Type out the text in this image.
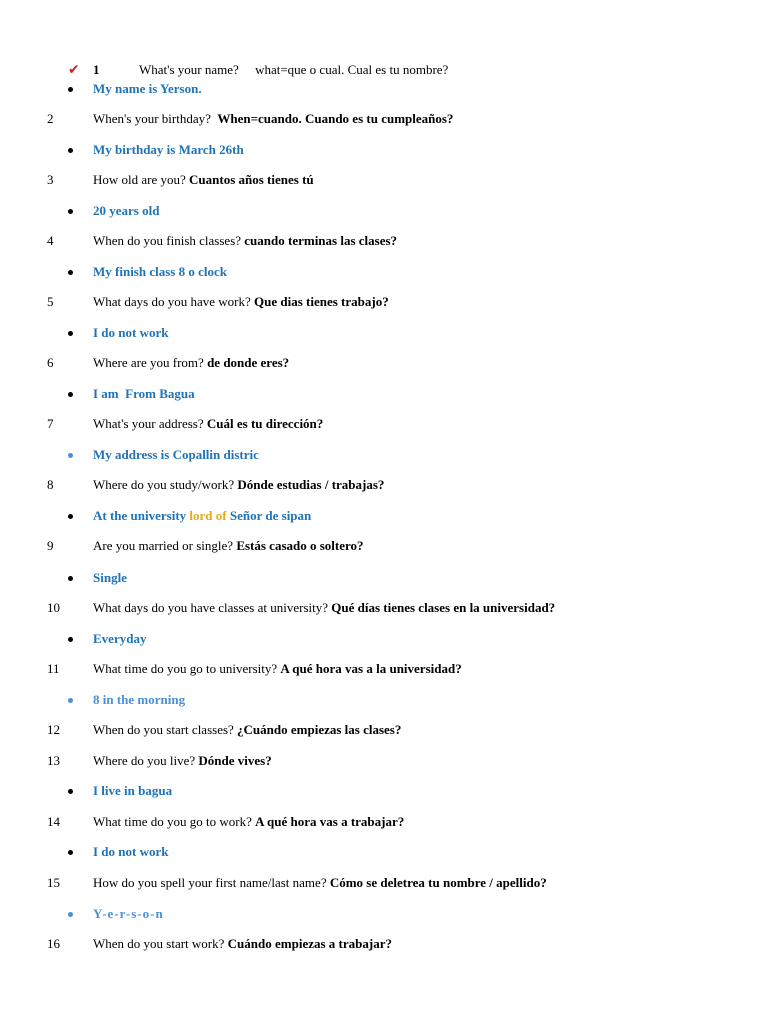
✔ 1	What's your name? what=que o cual. Cual es tu nombre?
My name is Yerson.
2	When's your birthday? When=cuando. Cuando es tu cumpleaños?
My birthday is March 26th
3	How old are you? Cuantos años tienes tú
20 years old
4	When do you finish classes? cuando terminas las clases?
My finish class 8 o clock
5	What days do you have work? Que dias tienes trabajo?
I do not work
6	Where are you from? de donde eres?
I am  From Bagua
7	What's your address? Cuál es tu dirección?
My address is Copallin distric
8	Where do you study/work? Dónde estudias / trabajas?
At the university lord of Señor de sipan
9	Are you married or single? Estás casado o soltero?
Single
10	What days do you have classes at university? Qué días tienes clases en la universidad?
Everyday
11	What time do you go to university? A qué hora vas a la universidad?
8 in the morning
12	When do you start classes? ¿Cuándo empiezas las clases?
13	Where do you live? Dónde vives?
I live in bagua
14	What time do you go to work? A qué hora vas a trabajar?
I do not work
15	How do you spell your first name/last name? Cómo se deletrea tu nombre / apellido?
Y-e-r-s-o-n
16	When do you start work? Cuándo empiezas a trabajar?
